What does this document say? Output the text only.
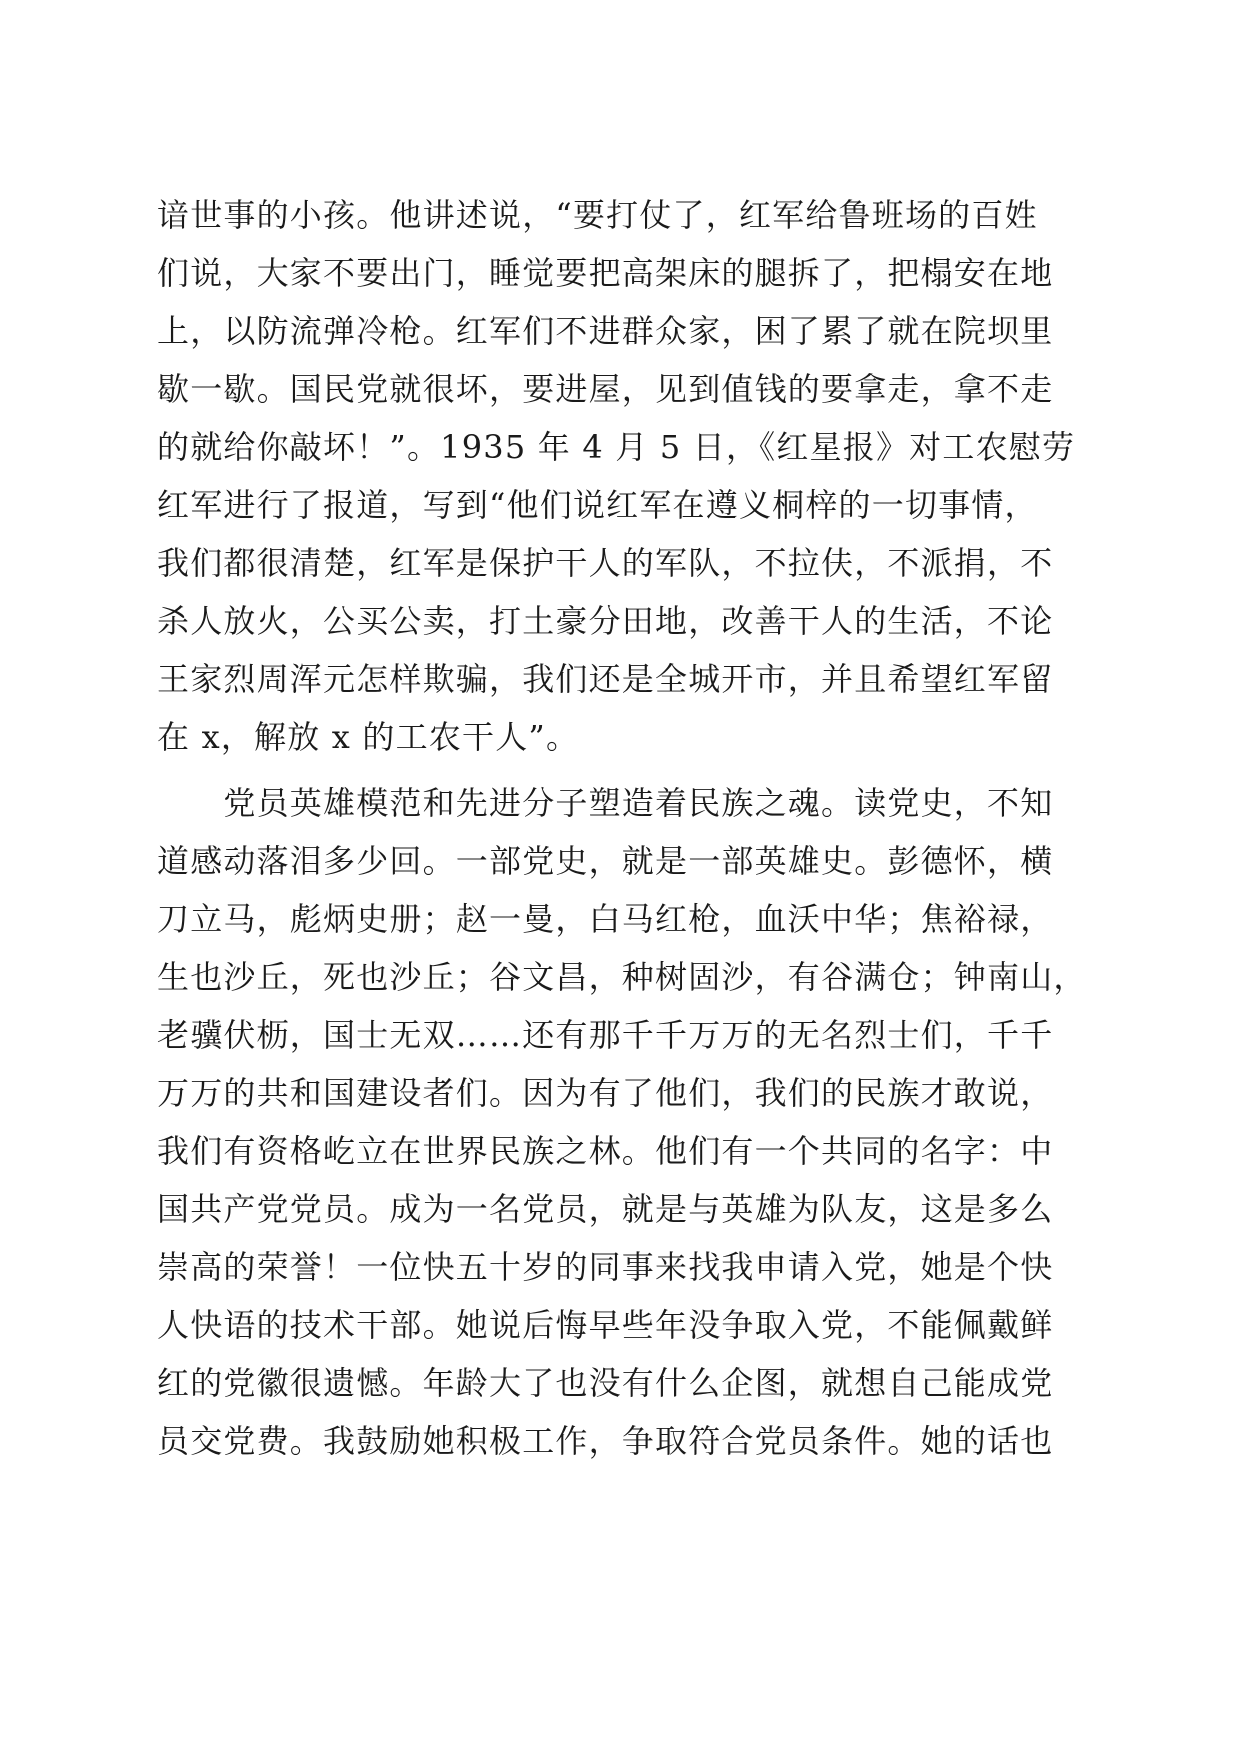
谙世事的小孩。他讲述说，“要打仗了，红军给鲁班场的百姓
们说，大家不要出门，睡觉要把高架床的腿拆了，把榻安在地
上，以防流弹冷枪。红军们不进群众家，困了累了就在院坝里
歇一歇。国民党就很坏，要进屋，见到值钱的要拿走，拿不走
的就给你敲坏！”。1935 年 4 月 5 日，《红星报》对工农慰劳
红军进行了报道，写到“他们说红军在遵义桐梓的一切事情，
我们都很清楚，红军是保护干人的军队，不拉伕，不派捐，不
杀人放火，公买公卖，打土豪分田地，改善干人的生活，不论
王家烈周浑元怎样欺骗，我们还是全城开市，并且希望红军留
在 x，解放 x 的工农干人”。
　　党员英雄模范和先进分子塑造着民族之魂。读党史，不知
道感动落泪多少回。一部党史，就是一部英雄史。彭德怀，横
刀立马，彪炳史册；赵一曼，白马红枪，血沃中华；焦裕禄，
生也沙丘，死也沙丘；谷文昌，种树固沙，有谷满仓；钟南山，
老骥伏枥，国士无双……还有那千千万万的无名烈士们，千千
万万的共和国建设者们。因为有了他们，我们的民族才敢说，
我们有资格屹立在世界民族之林。他们有一个共同的名字：中
国共产党党员。成为一名党员，就是与英雄为队友，这是多么
崇高的荣誉！一位快五十岁的同事来找我申请入党，她是个快
人快语的技术干部。她说后悔早些年没争取入党，不能佩戴鲜
红的党徽很遗憾。年龄大了也没有什么企图，就想自己能成党
员交党费。我鼓励她积极工作，争取符合党员条件。她的话也
